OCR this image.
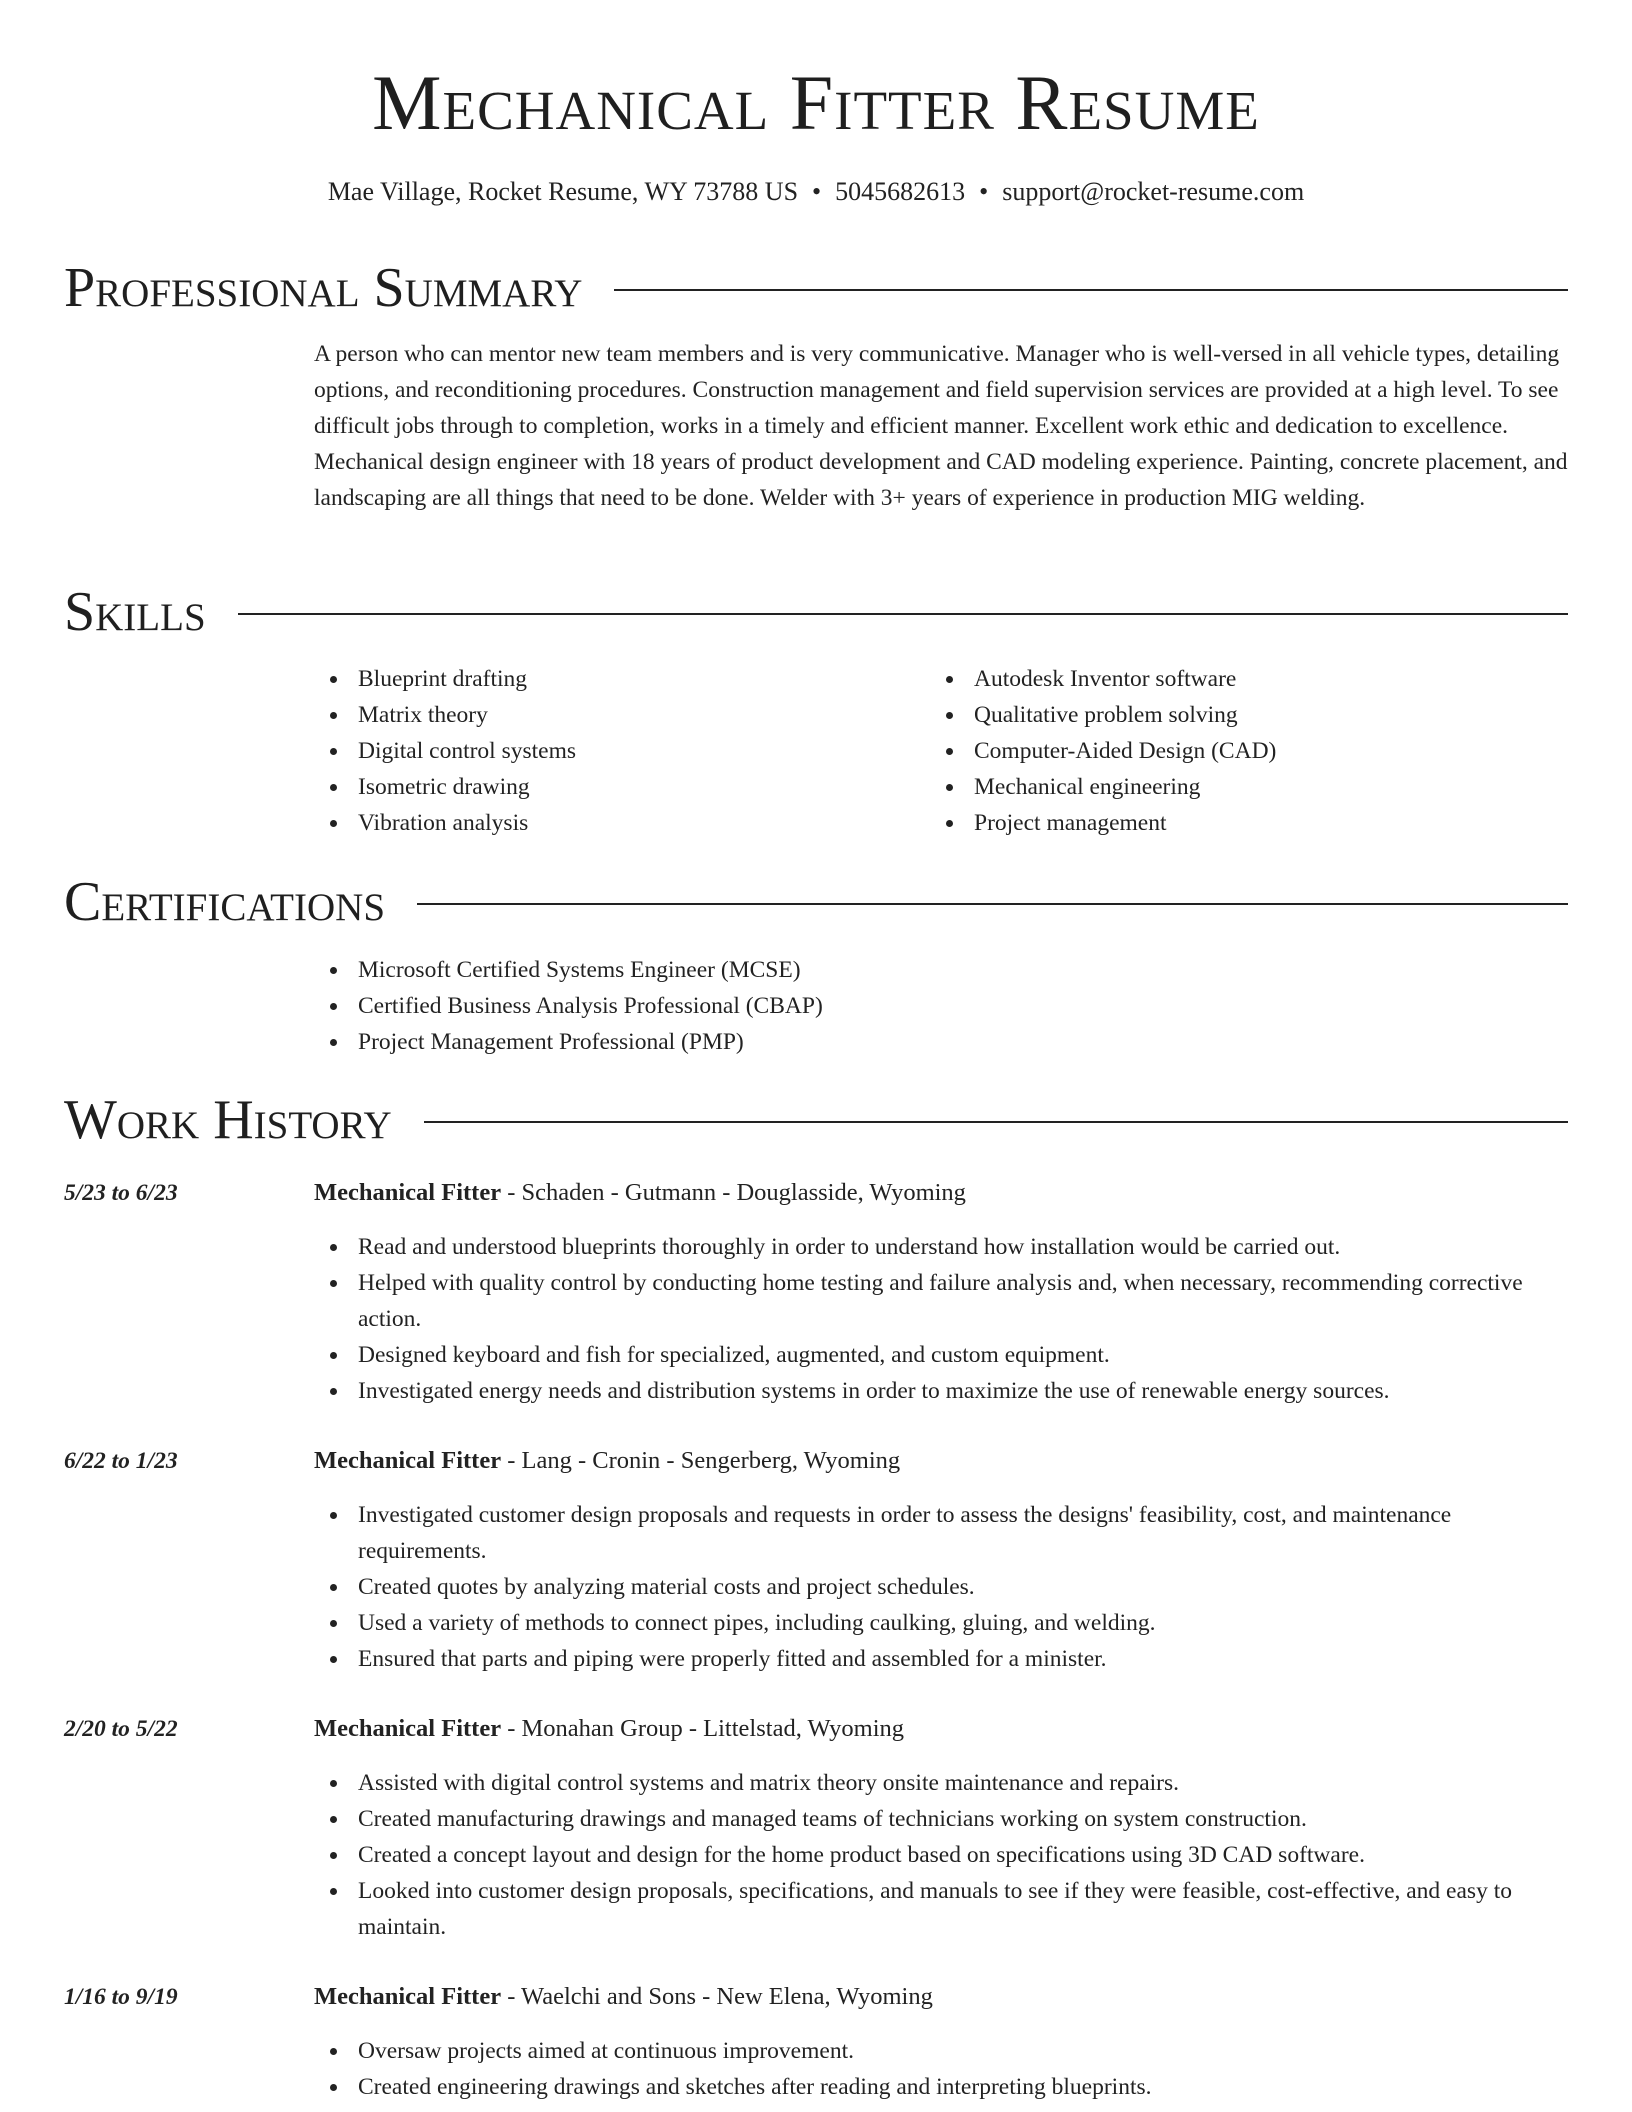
Mechanical Fitter Resume
Mae Village, Rocket Resume, WY 73788 US • 5045682613 • support@rocket-resume.com
Professional Summary
A person who can mentor new team members and is very communicative. Manager who is well-versed in all vehicle types, detailing options, and reconditioning procedures. Construction management and field supervision services are provided at a high level. To see difficult jobs through to completion, works in a timely and efficient manner. Excellent work ethic and dedication to excellence. Mechanical design engineer with 18 years of product development and CAD modeling experience. Painting, concrete placement, and landscaping are all things that need to be done. Welder with 3+ years of experience in production MIG welding.
Skills
Blueprint drafting
Matrix theory
Digital control systems
Isometric drawing
Vibration analysis
Autodesk Inventor software
Qualitative problem solving
Computer-Aided Design (CAD)
Mechanical engineering
Project management
Certifications
Microsoft Certified Systems Engineer (MCSE)
Certified Business Analysis Professional (CBAP)
Project Management Professional (PMP)
Work History
5/23 to 6/23	Mechanical Fitter - Schaden - Gutmann - Douglasside, Wyoming
Read and understood blueprints thoroughly in order to understand how installation would be carried out.
Helped with quality control by conducting home testing and failure analysis and, when necessary, recommending corrective action.
Designed keyboard and fish for specialized, augmented, and custom equipment.
Investigated energy needs and distribution systems in order to maximize the use of renewable energy sources.
6/22 to 1/23	Mechanical Fitter - Lang - Cronin - Sengerberg, Wyoming
Investigated customer design proposals and requests in order to assess the designs' feasibility, cost, and maintenance requirements.
Created quotes by analyzing material costs and project schedules.
Used a variety of methods to connect pipes, including caulking, gluing, and welding.
Ensured that parts and piping were properly fitted and assembled for a minister.
2/20 to 5/22	Mechanical Fitter - Monahan Group - Littelstad, Wyoming
Assisted with digital control systems and matrix theory onsite maintenance and repairs.
Created manufacturing drawings and managed teams of technicians working on system construction.
Created a concept layout and design for the home product based on specifications using 3D CAD software.
Looked into customer design proposals, specifications, and manuals to see if they were feasible, cost-effective, and easy to maintain.
1/16 to 9/19	Mechanical Fitter - Waelchi and Sons - New Elena, Wyoming
Oversaw projects aimed at continuous improvement.
Created engineering drawings and sketches after reading and interpreting blueprints.
